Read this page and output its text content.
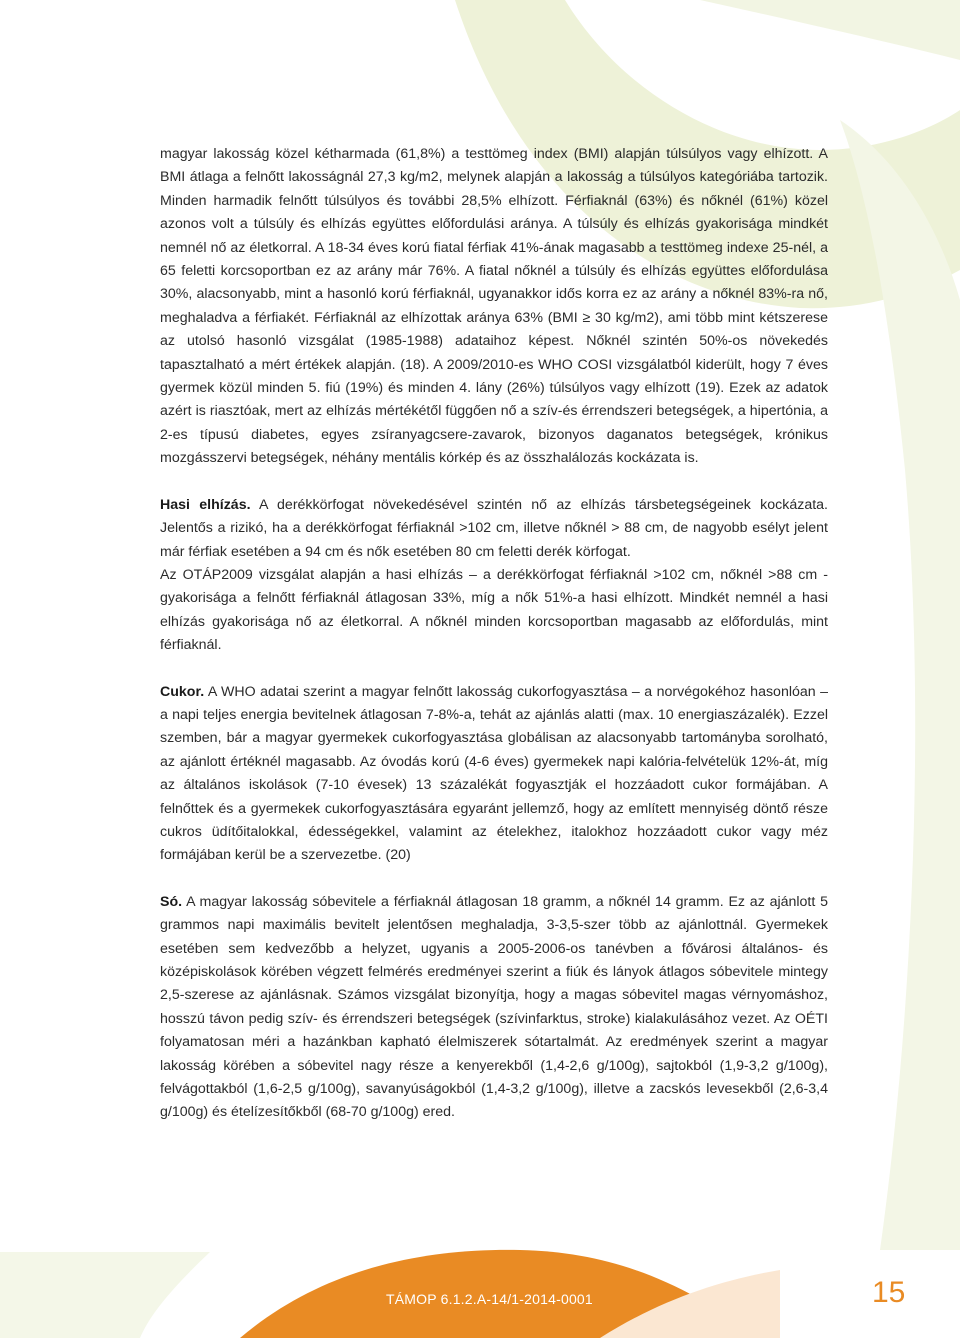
magyar lakosság közel kétharmada (61,8%) a testtömeg index (BMI) alapján túlsúlyos vagy elhízott. A BMI átlaga a felnőtt lakosságnál 27,3 kg/m2, melynek alapján a lakosság a túlsúlyos kategóriába tartozik. Minden harmadik felnőtt túlsúlyos és további 28,5% elhízott. Férfiaknál (63%) és nőknél (61%) közel azonos volt a túlsúly és elhízás együttes előfordulási aránya. A túlsúly és elhízás gyakorisága mindkét nemnél nő az életkorral. A 18-34 éves korú fiatal férfiak 41%-ának magasabb a testtömeg indexe 25-nél, a 65 feletti korcsoportban ez az arány már 76%. A fiatal nőknél a túlsúly és elhízás együttes előfordulása 30%, alacsonyabb, mint a hasonló korú férfiaknál, ugyanakkor idős korra ez az arány a nőknél 83%-ra nő, meghaladva a férfiakét. Férfiaknál az elhízottak aránya 63% (BMI ≥ 30 kg/m2), ami több mint kétszerese az utolsó hasonló vizsgálat (1985-1988) adataihoz képest. Nőknél szintén 50%-os növekedés tapasztalható a mért értékek alapján. (18). A 2009/2010-es WHO COSI vizsgálatból kiderült, hogy 7 éves gyermek közül minden 5. fiú (19%) és minden 4. lány (26%) túlsúlyos vagy elhízott (19). Ezek az adatok azért is riasztóak, mert az elhízás mértékétől függően nő a szív-és érrendszeri betegségek, a hipertónia, a 2-es típusú diabetes, egyes zsíranyagcsere-zavarok, bizonyos daganatos betegségek, krónikus mozgásszervi betegségek, néhány mentális kórkép és az összhalálozás kockázata is.

Hasi elhízás. A derékkörfogat növekedésével szintén nő az elhízás társbetegségeinek kockázata. Jelentős a rizikó, ha a derékkörfogat férfiaknál >102 cm, illetve nőknél > 88 cm, de nagyobb esélyt jelent már férfiak esetében a 94 cm és nők esetében 80 cm feletti derék körfogat.

Az OTÁP2009 vizsgálat alapján a hasi elhízás – a derékkörfogat férfiaknál >102 cm, nőknél >88 cm - gyakorisága a felnőtt férfiaknál átlagosan 33%, míg a nők 51%-a hasi elhízott. Mindkét nemnél a hasi elhízás gyakorisága nő az életkorral. A nőknél minden korcsoportban magasabb az előfordulás, mint férfiaknál.

Cukor. A WHO adatai szerint a magyar felnőtt lakosság cukorfogyasztása – a norvégokéhoz hasonlóan – a napi teljes energia bevitelnek átlagosan 7-8%-a, tehát az ajánlás alatti (max. 10 energiaszázalék). Ezzel szemben, bár a magyar gyermekek cukorfogyasztása globálisan az alacsonyabb tartományba sorolható, az ajánlott értéknél magasabb. Az óvodás korú (4-6 éves) gyermekek napi kalória-felvételük 12%-át, míg az általános iskolások (7-10 évesek) 13 százalékát fogyasztják el hozzáadott cukor formájában. A felnőttek és a gyermekek cukorfogyasztására egyaránt jellemző, hogy az említett mennyiség döntő része cukros üdítőitalokkal, édességekkel, valamint az ételekhez, italokhoz hozzáadott cukor vagy méz formájában kerül be a szervezetbe. (20)

Só. A magyar lakosság sóbevitele a férfiaknál átlagosan 18 gramm, a nőknél 14 gramm. Ez az ajánlott 5 grammos napi maximális bevitelt jelentősen meghaladja, 3-3,5-szer több az ajánlottnál. Gyermekek esetében sem kedvezőbb a helyzet, ugyanis a 2005-2006-os tanévben a fővárosi általános- és középiskolások körében végzett felmérés eredményei szerint a fiúk és lányok átlagos sóbevitele mintegy 2,5-szerese az ajánlásnak. Számos vizsgálat bizonyítja, hogy a magas sóbevitel magas vérnyomáshoz, hosszú távon pedig szív- és érrendszeri betegségek (szívinfarktus, stroke) kialakulásához vezet. Az OÉTI folyamatosan méri a hazánkban kapható élelmiszerek sótartalmát. Az eredmények szerint a magyar lakosság körében a sóbevitel nagy része a kenyerekből (1,4-2,6 g/100g), sajtokból (1,9-3,2 g/100g), felvágottakból (1,6-2,5 g/100g), savanyúságokból (1,4-3,2 g/100g), illetve a zacskós levesekből (2,6-3,4 g/100g) és ételízesítőkből (68-70 g/100g) ered.

TÁMOP 6.1.2.A-14/1-2014-0001	15
